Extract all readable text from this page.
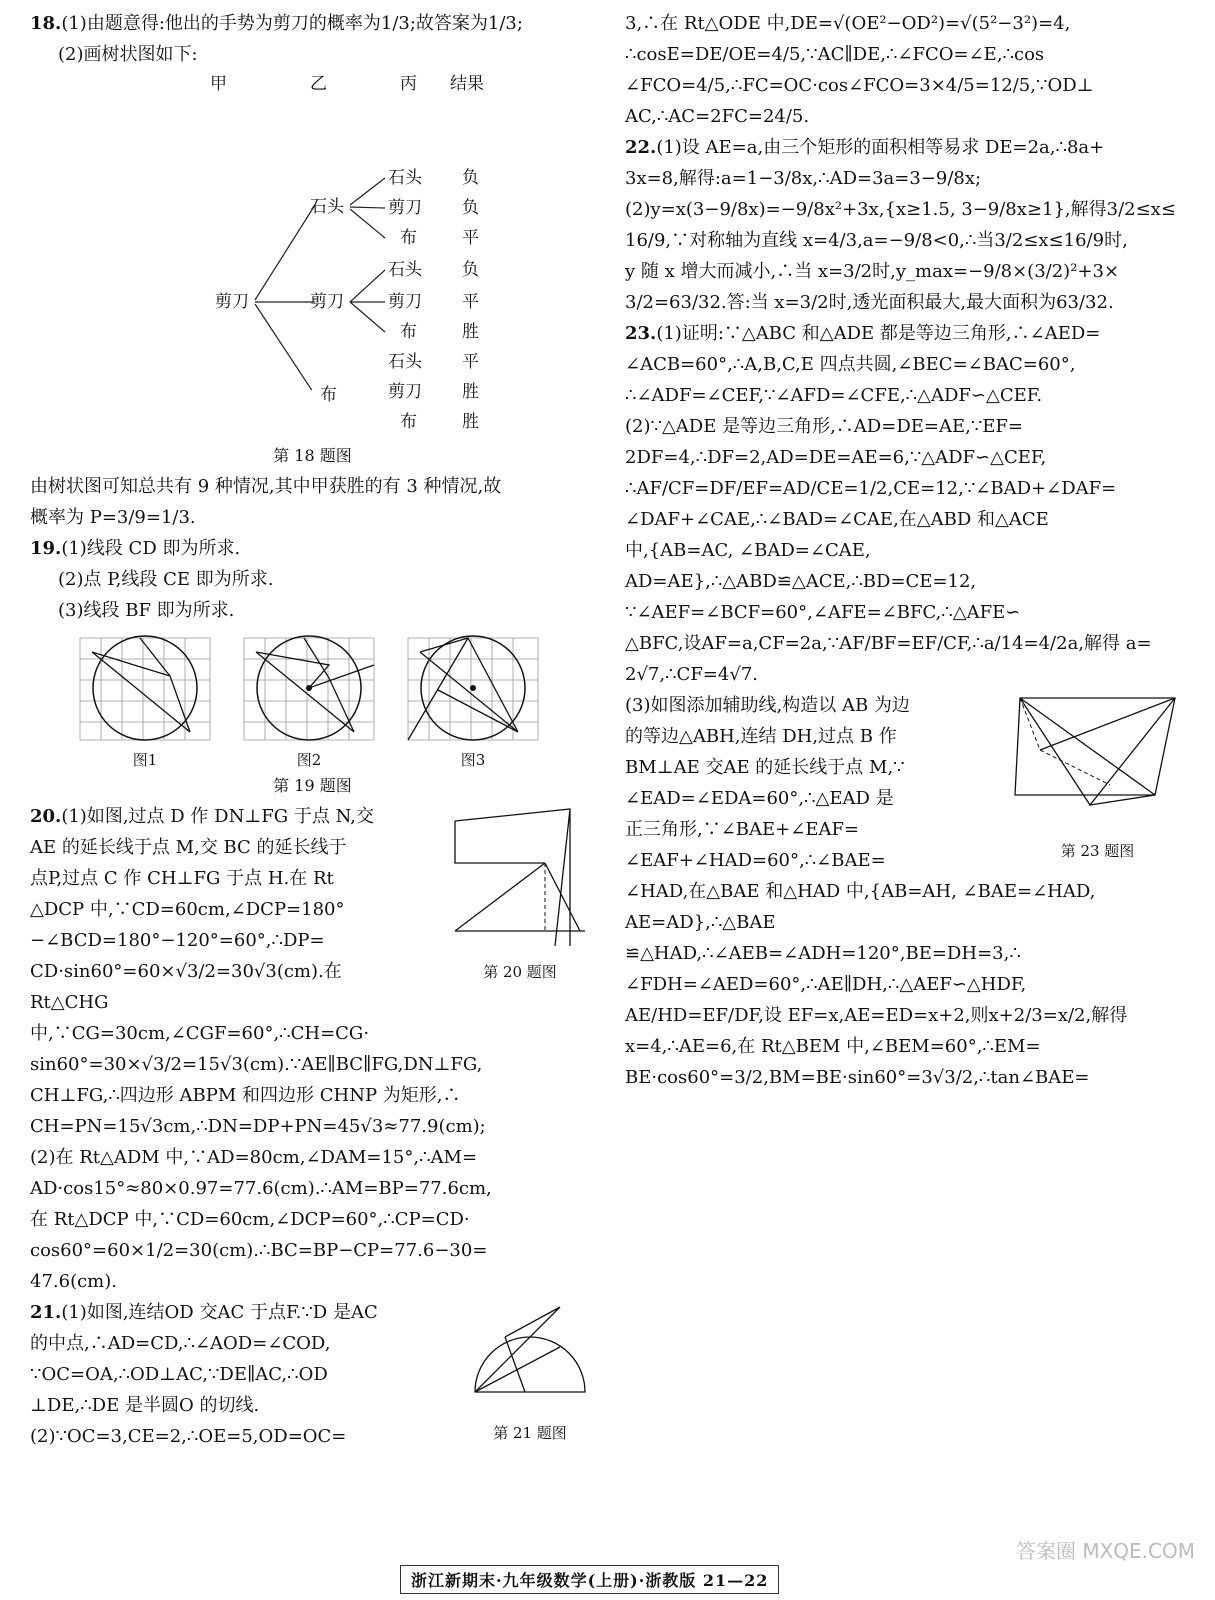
18.(1)由题意得:他出的手势为剪刀的概率为1/3;故答案为1/3;

(2)画树状图如下:

甲	乙	丙 结果
剪刀
石头
剪刀
布
石头
剪刀
布
石头
剪刀
布
石头
剪刀
布
负
负
平
负
平
胜
平
胜
胜

第 18 题图

由树状图可知总共有 9 种情况,其中甲获胜的有 3 种情况,故

概率为 P=3/9=1/3.

19.(1)线段 CD 即为所求.

(2)点 P,线段 CE 即为所求.

(3)线段 BF 即为所求.

图1	图2	图3

第 19 题图

第 20 题图

20.(1)如图,过点 D 作 DN⊥FG 于点 N,交

AE 的延长线于点 M,交 BC 的延长线于

点P,过点 C 作 CH⊥FG 于点 H.在 Rt

△DCP 中,∵CD=60cm,∠DCP=180°

−∠BCD=180°−120°=60°,∴DP=

CD·sin60°=60×√3/2=30√3(cm).在

Rt△CHG 中,∵CG=30cm,∠CGF=60°,∴CH=CG·

sin60°=30×√3/2=15√3(cm).∵AE∥BC∥FG,DN⊥FG,

CH⊥FG,∴四边形 ABPM 和四边形 CHNP 为矩形,∴

CH=PN=15√3cm,∴DN=DP+PN=45√3≈77.9(cm);

(2)在 Rt△ADM 中,∵AD=80cm,∠DAM=15°,∴AM=

AD·cos15°≈80×0.97=77.6(cm).∴AM=BP=77.6cm,

在 Rt△DCP 中,∵CD=60cm,∠DCP=60°,∴CP=CD·

cos60°=60×1/2=30(cm).∴BC=BP−CP=77.6−30=

47.6(cm).

第 21 题图

21.(1)如图,连结OD 交AC 于点F.∵D 是AC

的中点,∴AD=CD,∴∠AOD=∠COD,

∵OC=OA,∴OD⊥AC,∵DE∥AC,∴OD

⊥DE,∴DE 是半圆O 的切线.

(2)∵OC=3,CE=2,∴OE=5,OD=OC=

3,∴在 Rt△ODE 中,DE=√(OE²−OD²)=√(5²−3²)=4,

∴cosE=DE/OE=4/5,∵AC∥DE,∴∠FCO=∠E,∴cos

∠FCO=4/5,∴FC=OC·cos∠FCO=3×4/5=12/5,∵OD⊥

AC,∴AC=2FC=24/5.

22.(1)设 AE=a,由三个矩形的面积相等易求 DE=2a,∴8a+

3x=8,解得:a=1−3/8x,∴AD=3a=3−9/8x;

(2)y=x(3−9/8x)=−9/8x²+3x,{x≥1.5, 3−9/8x≥1},解得3/2≤x≤

16/9,∵对称轴为直线 x=4/3,a=−9/8<0,∴当3/2≤x≤16/9时,

y 随 x 增大而减小,∴当 x=3/2时,y_max=−9/8×(3/2)²+3×

3/2=63/32.答:当 x=3/2时,透光面积最大,最大面积为63/32.

23.(1)证明:∵△ABC 和△ADE 都是等边三角形,∴∠AED=

∠ACB=60°,∴A,B,C,E 四点共圆,∠BEC=∠BAC=60°,

∴∠ADF=∠CEF,∵∠AFD=∠CFE,∴△ADF∽△CEF.

(2)∵△ADE 是等边三角形,∴AD=DE=AE,∵EF=

2DF=4,∴DF=2,AD=DE=AE=6,∵△ADF∽△CEF,

∴AF/CF=DF/EF=AD/CE=1/2,CE=12,∵∠BAD+∠DAF=

∠DAF+∠CAE,∴∠BAD=∠CAE,在△ABD 和△ACE

中,{AB=AC, ∠BAD=∠CAE, AD=AE},∴△ABD≌△ACE,∴BD=CE=12,

∵∠AEF=∠BCF=60°,∠AFE=∠BFC,∴△AFE∽

△BFC,设AF=a,CF=2a,∵AF/BF=EF/CF,∴a/14=4/2a,解得 a=

2√7,∴CF=4√7.

第 23 题图

(3)如图添加辅助线,构造以 AB 为边

的等边△ABH,连结 DH,过点 B 作

BM⊥AE 交AE 的延长线于点 M,∵

∠EAD=∠EDA=60°,∴△EAD 是

正三角形,∵∠BAE+∠EAF=

∠EAF+∠HAD=60°,∴∠BAE=

∠HAD,在△BAE 和△HAD 中,{AB=AH, ∠BAE=∠HAD, AE=AD},∴△BAE

≌△HAD,∴∠AEB=∠ADH=120°,BE=DH=3,∴

∠FDH=∠AED=60°,∴AE∥DH,∴△AEF∽△HDF,

AE/HD=EF/DF,设 EF=x,AE=ED=x+2,则x+2/3=x/2,解得

x=4,∴AE=6,在 Rt△BEM 中,∠BEM=60°,∴EM=

BE·cos60°=3/2,BM=BE·sin60°=3√3/2,∴tan∠BAE=

浙江新期末·九年级数学(上册)·浙教版 21—22
答案圈 MXQE.COM
